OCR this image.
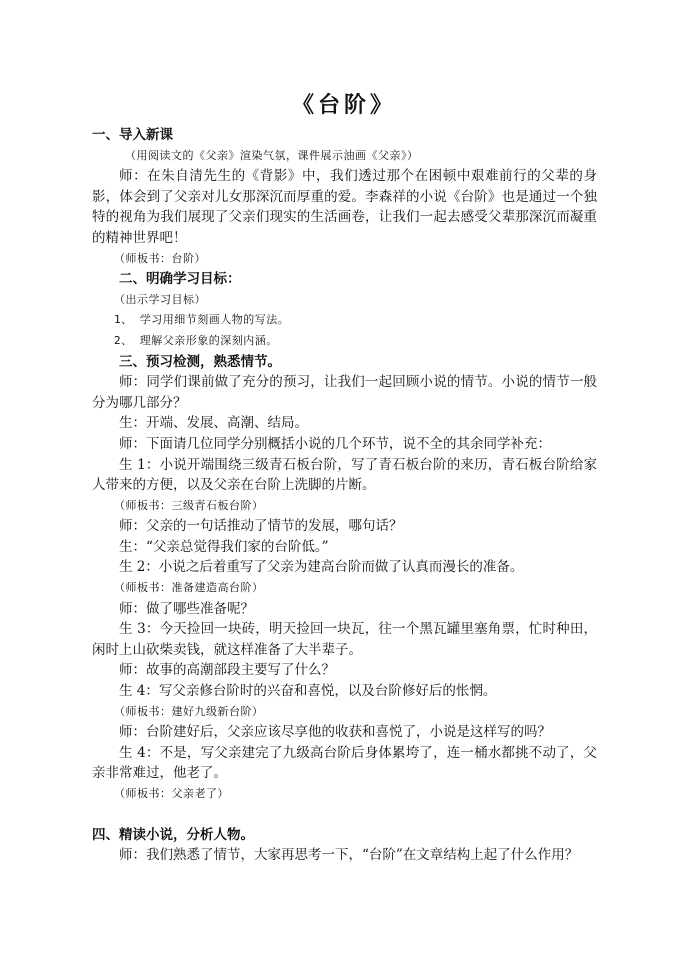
《台阶》
一、导入新课
（用阅读文的《父亲》渲染气氛，课件展示油画《父亲》）
师：在朱自清先生的《背影》中，我们透过那个在困顿中艰难前行的父辈的身影，体会到了父亲对儿女那深沉而厚重的爱。李森祥的小说《台阶》也是通过一个独特的视角为我们展现了父亲们现实的生活画卷，让我们一起去感受父辈那深沉而凝重的精神世界吧！
（师板书：台阶）
二、明确学习目标：
（出示学习目标）
1、 学习用细节刻画人物的写法。
2、 理解父亲形象的深刻内涵。
三、预习检测，熟悉情节。
师：同学们课前做了充分的预习，让我们一起回顾小说的情节。小说的情节一般分为哪几部分？
生：开端、发展、高潮、结局。
师：下面请几位同学分别概括小说的几个环节，说不全的其余同学补充：
生 1：小说开端围绕三级青石板台阶，写了青石板台阶的来历，青石板台阶给家人带来的方便，以及父亲在台阶上洗脚的片断。
（师板书：三级青石板台阶）
师：父亲的一句话推动了情节的发展，哪句话？
生：“父亲总觉得我们家的台阶低。”
生 2：小说之后着重写了父亲为建高台阶而做了认真而漫长的准备。
（师板书：准备建造高台阶）
师：做了哪些准备呢？
生 3：今天捡回一块砖，明天捡回一块瓦，往一个黑瓦罐里塞角票，忙时种田，闲时上山砍柴卖钱，就这样准备了大半辈子。
师：故事的高潮部段主要写了什么？
生 4：写父亲修台阶时的兴奋和喜悦，以及台阶修好后的怅惘。
（师板书：建好九级新台阶）
师：台阶建好后，父亲应该尽享他的收获和喜悦了，小说是这样写的吗？
生 4：不是，写父亲建完了九级高台阶后身体累垮了，连一桶水都挑不动了，父亲非常难过，他老了。
（师板书：父亲老了）
四、精读小说，分析人物。
师：我们熟悉了情节，大家再思考一下，“台阶”在文章结构上起了什么作用？
